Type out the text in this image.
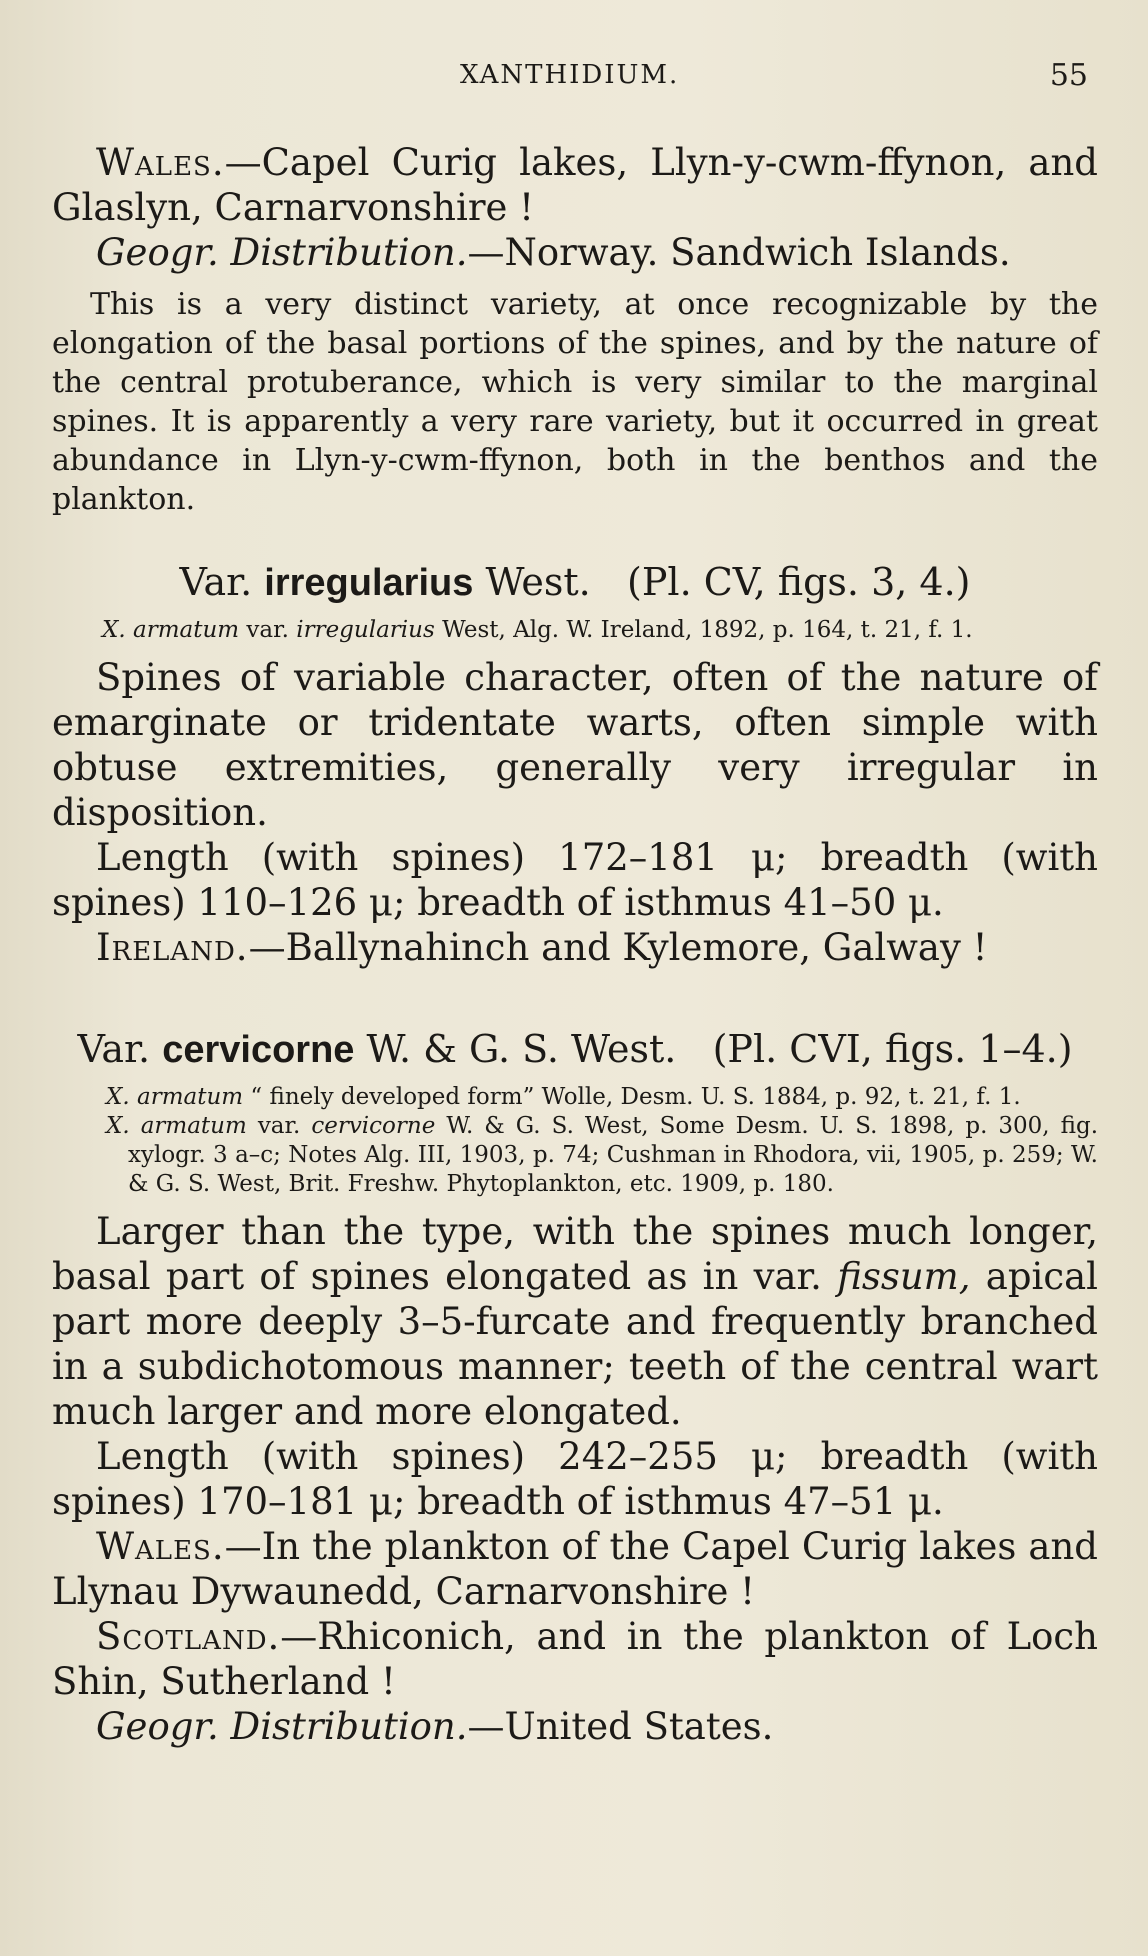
XANTHIDIUM.	55

Wales.—Capel Curig lakes, Llyn-y-cwm-ffynon, and Glaslyn, Carnarvonshire !

Geogr. Distribution.—Norway. Sandwich Islands.

This is a very distinct variety, at once recognizable by the elongation of the basal portions of the spines, and by the nature of the central protuberance, which is very similar to the marginal spines. It is apparently a very rare variety, but it occurred in great abundance in Llyn-y-cwm-ffynon, both in the benthos and the plankton.

Var. irregularius West. (Pl. CV, figs. 3, 4.)

X. armatum var. irregularius West, Alg. W. Ireland, 1892, p. 164, t. 21, f. 1.

Spines of variable character, often of the nature of emarginate or tridentate warts, often simple with obtuse extremities, generally very irregular in disposition.

Length (with spines) 172–181 μ; breadth (with spines) 110–126 μ; breadth of isthmus 41–50 μ.

Ireland.—Ballynahinch and Kylemore, Galway !

Var. cervicorne W. & G. S. West. (Pl. CVI, figs. 1–4.)

X. armatum “ finely developed form” Wolle, Desm. U. S. 1884, p. 92, t. 21, f. 1.

X. armatum var. cervicorne W. & G. S. West, Some Desm. U. S. 1898, p. 300, fig. xylogr. 3 a–c; Notes Alg. III, 1903, p. 74; Cushman in Rhodora, vii, 1905, p. 259; W. & G. S. West, Brit. Freshw. Phytoplankton, etc. 1909, p. 180.

Larger than the type, with the spines much longer, basal part of spines elongated as in var. fissum, apical part more deeply 3–5-furcate and frequently branched in a subdichotomous manner; teeth of the central wart much larger and more elongated.

Length (with spines) 242–255 μ; breadth (with spines) 170–181 μ; breadth of isthmus 47–51 μ.

Wales.—In the plankton of the Capel Curig lakes and Llynau Dywaunedd, Carnarvonshire !

Scotland.—Rhiconich, and in the plankton of Loch Shin, Sutherland !

Geogr. Distribution.—United States.
